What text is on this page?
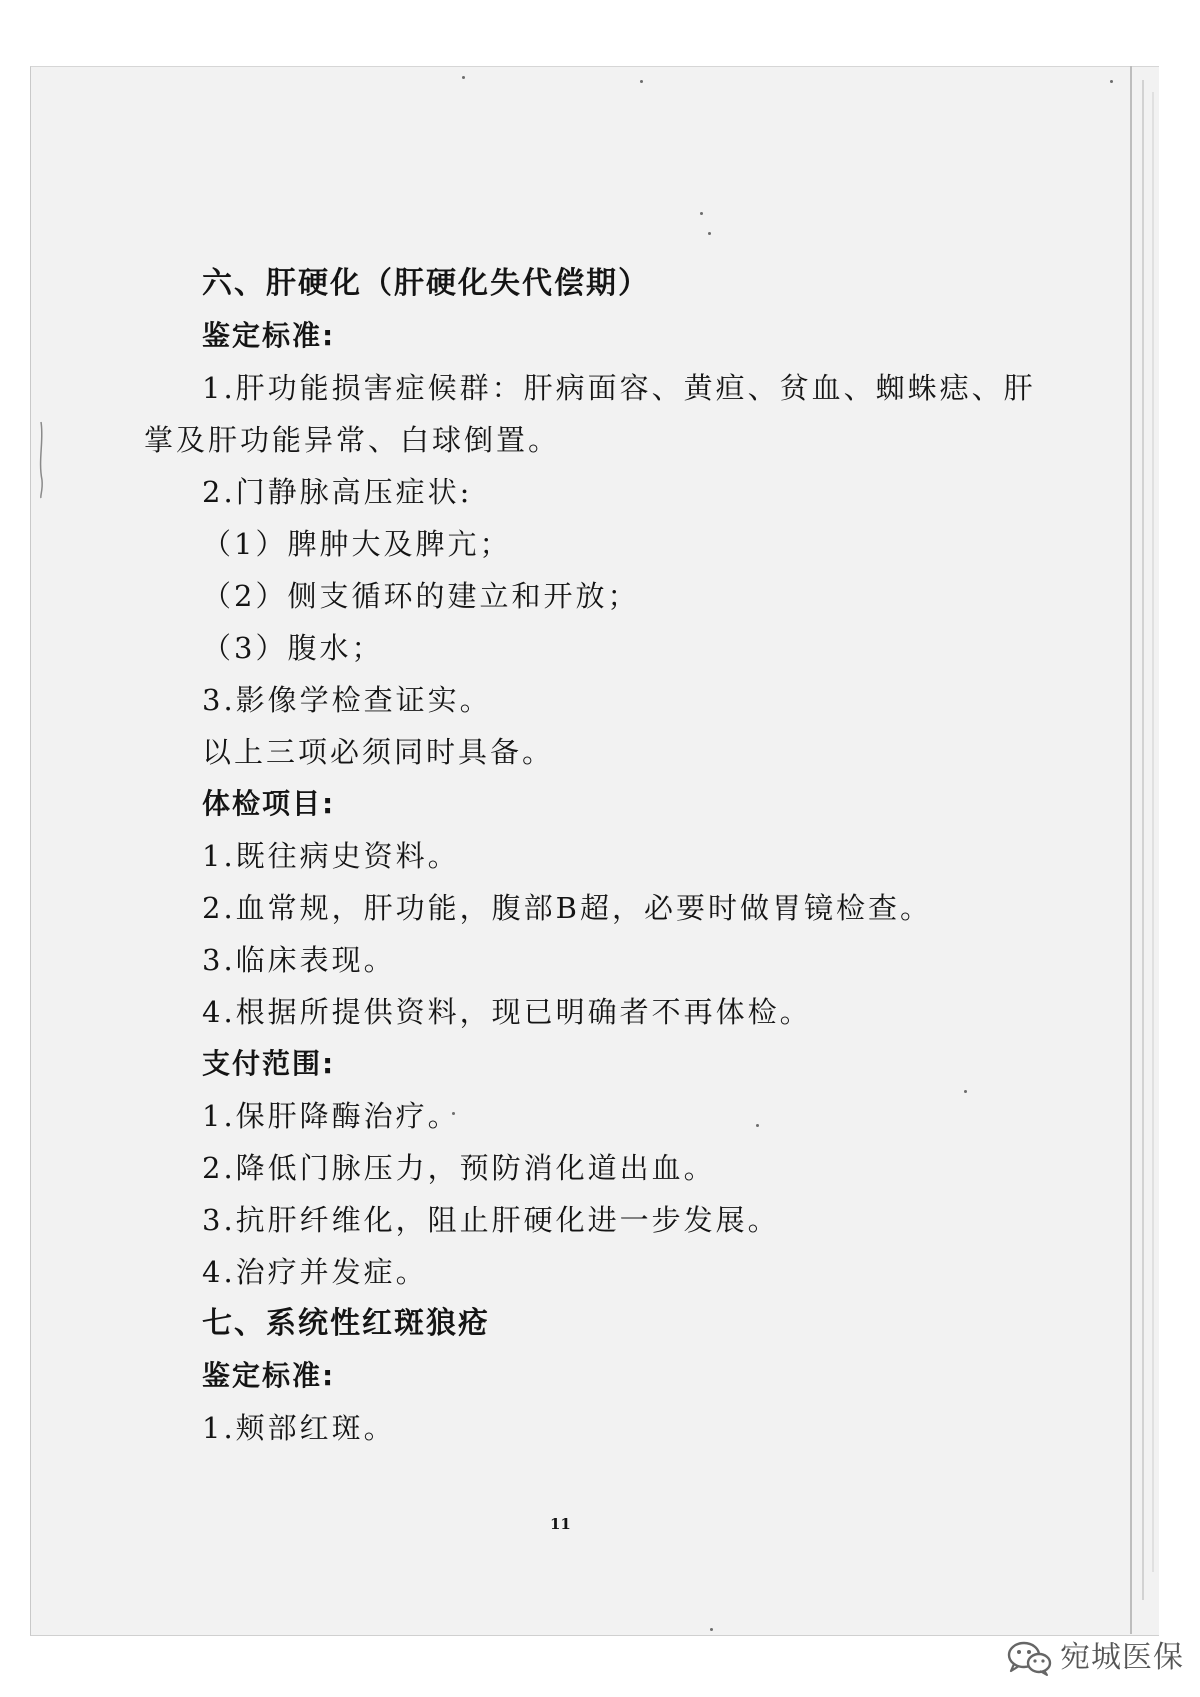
六、肝硬化（肝硬化失代偿期）
鉴定标准:
1.肝功能损害症候群：肝病面容、黄疸、贫血、蜘蛛痣、肝
掌及肝功能异常、白球倒置。
2.门静脉高压症状:
（1）脾肿大及脾亢；
（2）侧支循环的建立和开放；
（3）腹水；
3.影像学检查证实。
以上三项必须同时具备。
体检项目:
1.既往病史资料。
2.血常规，肝功能，腹部B超，必要时做胃镜检查。
3.临床表现。
4.根据所提供资料，现已明确者不再体检。
支付范围:
1.保肝降酶治疗。
2.降低门脉压力，预防消化道出血。
3.抗肝纤维化，阻止肝硬化进一步发展。
4.治疗并发症。
七、系统性红斑狼疮
鉴定标准:
1.颊部红斑。
11
宛城医保
